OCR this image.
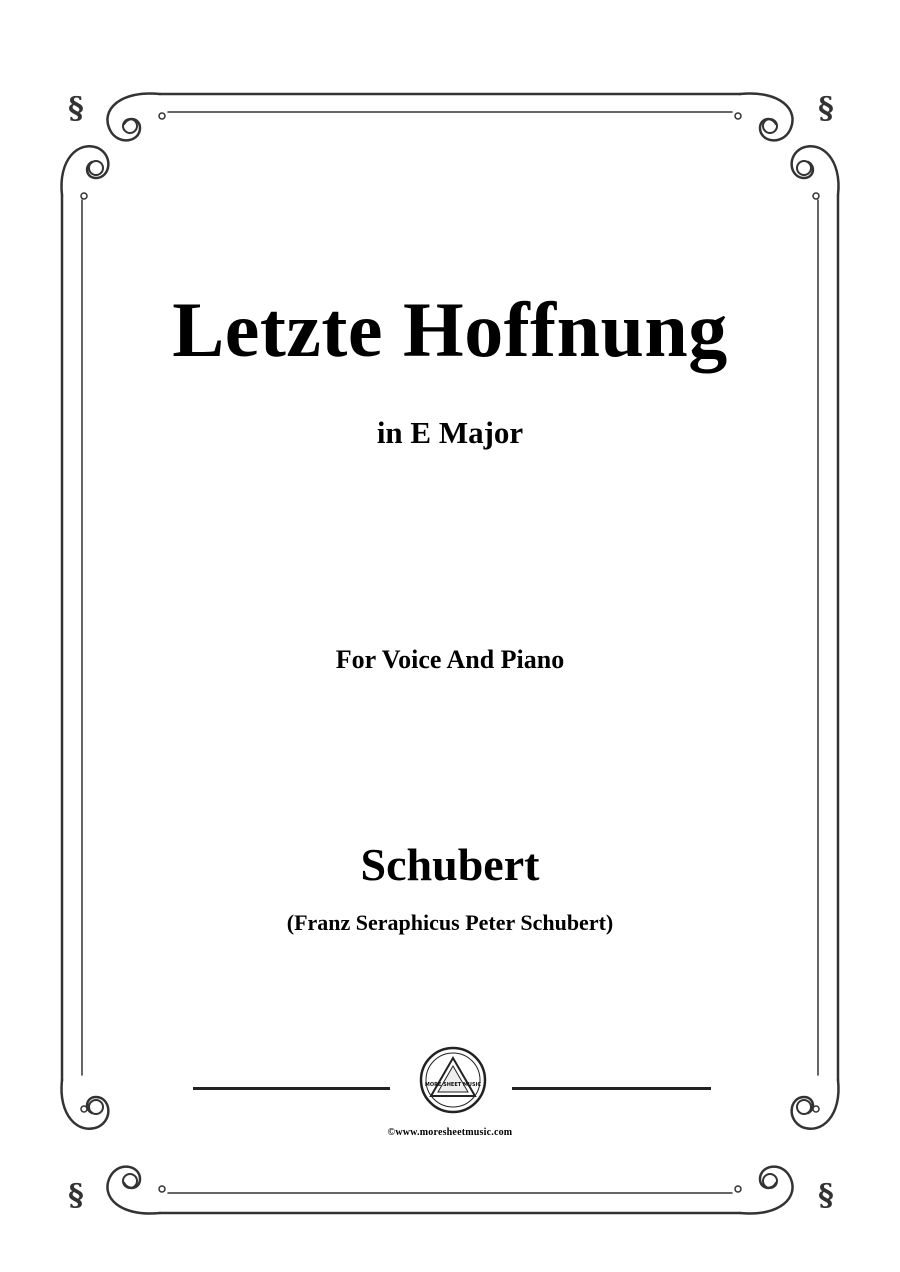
§	§
§	§
Letzte Hoffnung
in E Major
For Voice And Piano
Schubert
(Franz Seraphicus Peter Schubert)
MORE SHEET MUSIC
©www.moresheetmusic.com
